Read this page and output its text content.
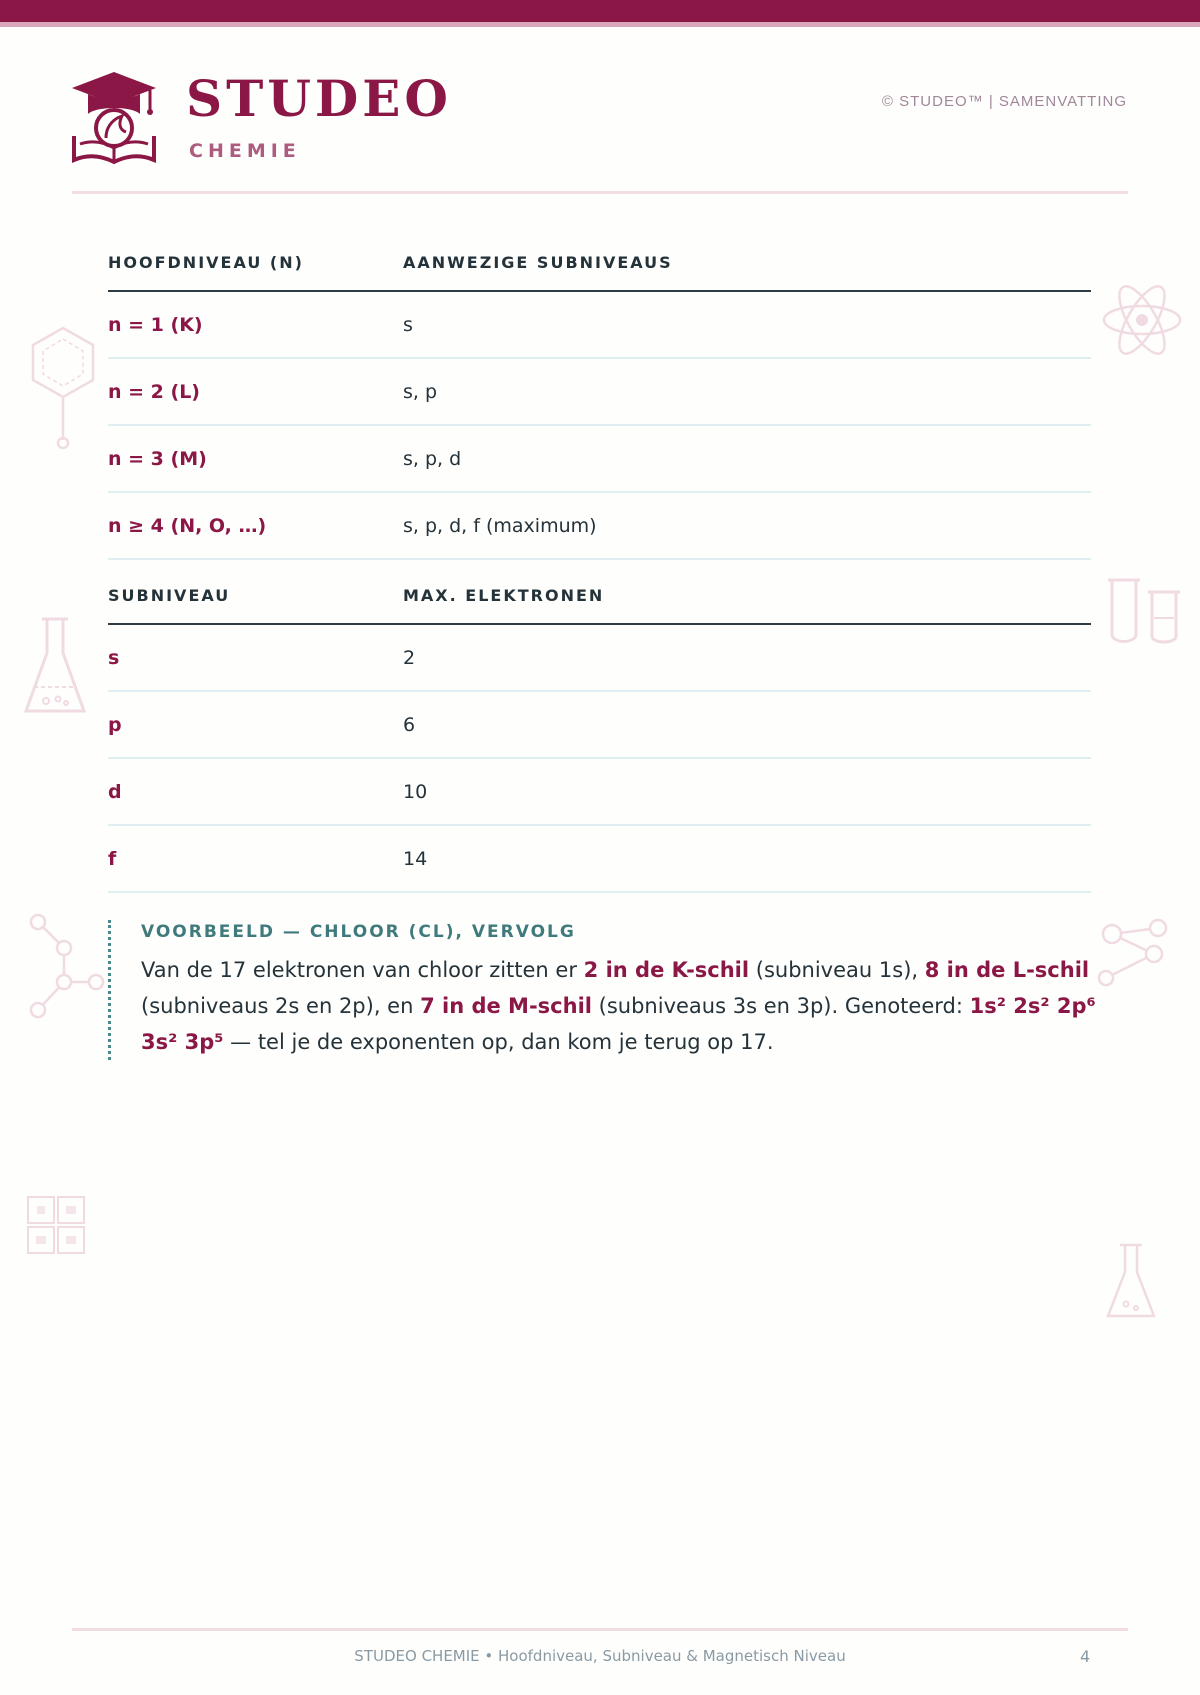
STUDEO
CHEMIE
© STUDEO™ | SAMENVATTING
HOOFDNIVEAU (N)	AANWEZIGE SUBNIVEAUS
n = 1 (K)	s
n = 2 (L)	s, p
n = 3 (M)	s, p, d
n ≥ 4 (N, O, …)	s, p, d, f (maximum)
SUBNIVEAU	MAX. ELEKTRONEN
s	2
p	6
d	10
f	14
VOORBEELD — CHLOOR (CL), VERVOLG
Van de 17 elektronen van chloor zitten er 2 in de K-schil (subniveau 1s), 8 in de L-schil (subniveaus 2s en 2p), en 7 in de M-schil (subniveaus 3s en 3p). Genoteerd: 1s² 2s² 2p⁶ 3s² 3p⁵ — tel je de exponenten op, dan kom je terug op 17.
STUDEO CHEMIE • Hoofdniveau, Subniveau & Magnetisch Niveau	4
